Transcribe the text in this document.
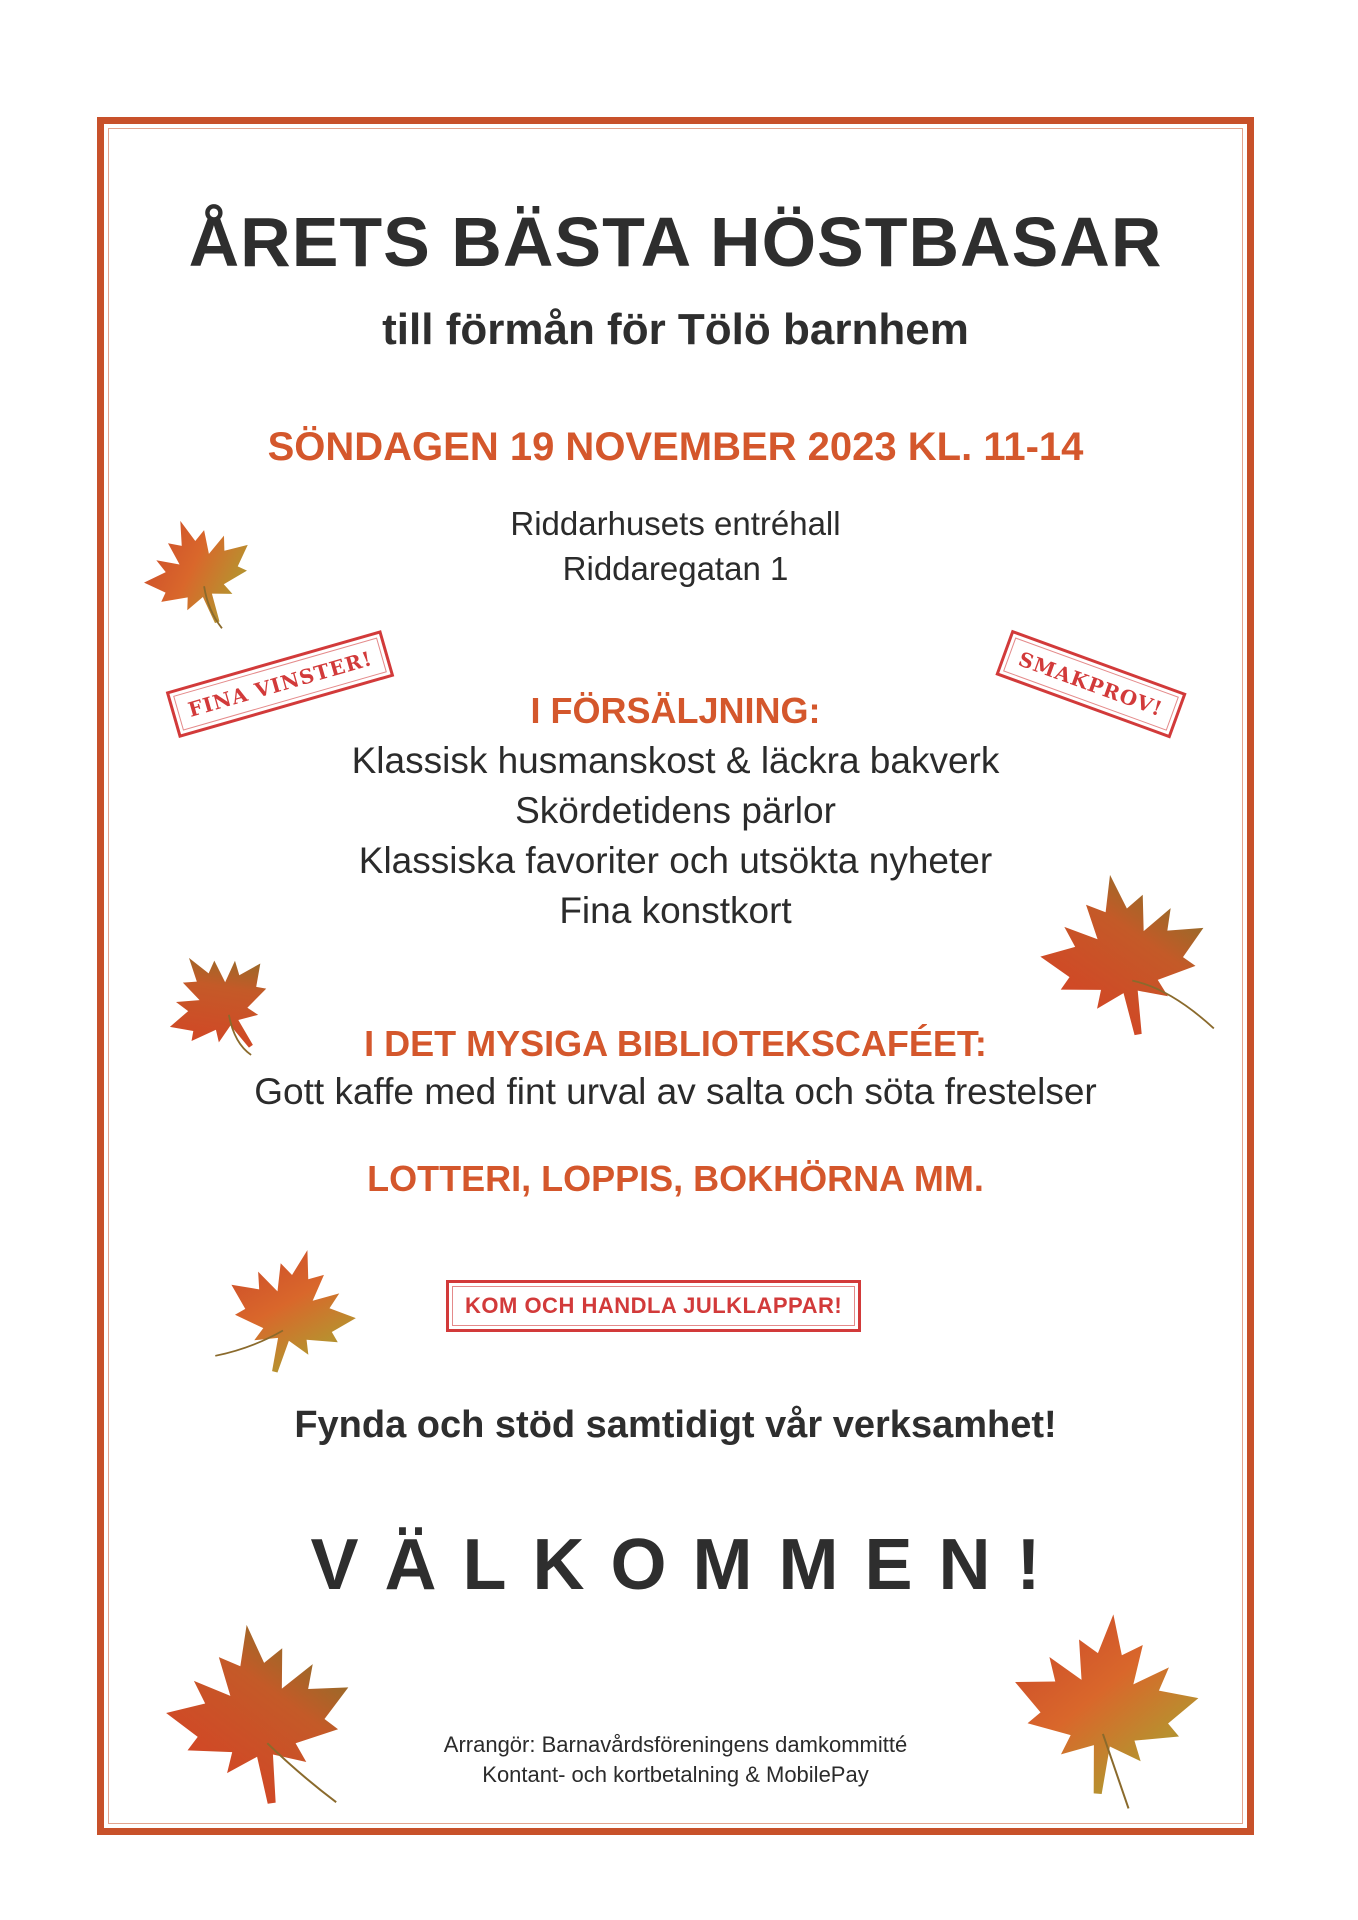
ÅRETS BÄSTA HÖSTBASAR
till förmån för Tölö barnhem
SÖNDAGEN 19 NOVEMBER 2023 KL. 11-14
Riddarhusets entréhall
Riddaregatan 1
I FÖRSÄLJNING:
Klassisk husmanskost & läckra bakverk
Skördetidens pärlor
Klassiska favoriter och utsökta nyheter
Fina konstkort
I DET MYSIGA BIBLIOTEKSCAFÉET:
Gott kaffe med fint urval av salta och söta frestelser
LOTTERI, LOPPIS, BOKHÖRNA MM.
FINA VINSTER!	SMAKPROV!
KOM OCH HANDLA JULKLAPPAR!
Fynda och stöd samtidigt vår verksamhet!
VÄLKOMMEN!
Arrangör: Barnavårdsföreningens damkommitté
Kontant- och kortbetalning & MobilePay
